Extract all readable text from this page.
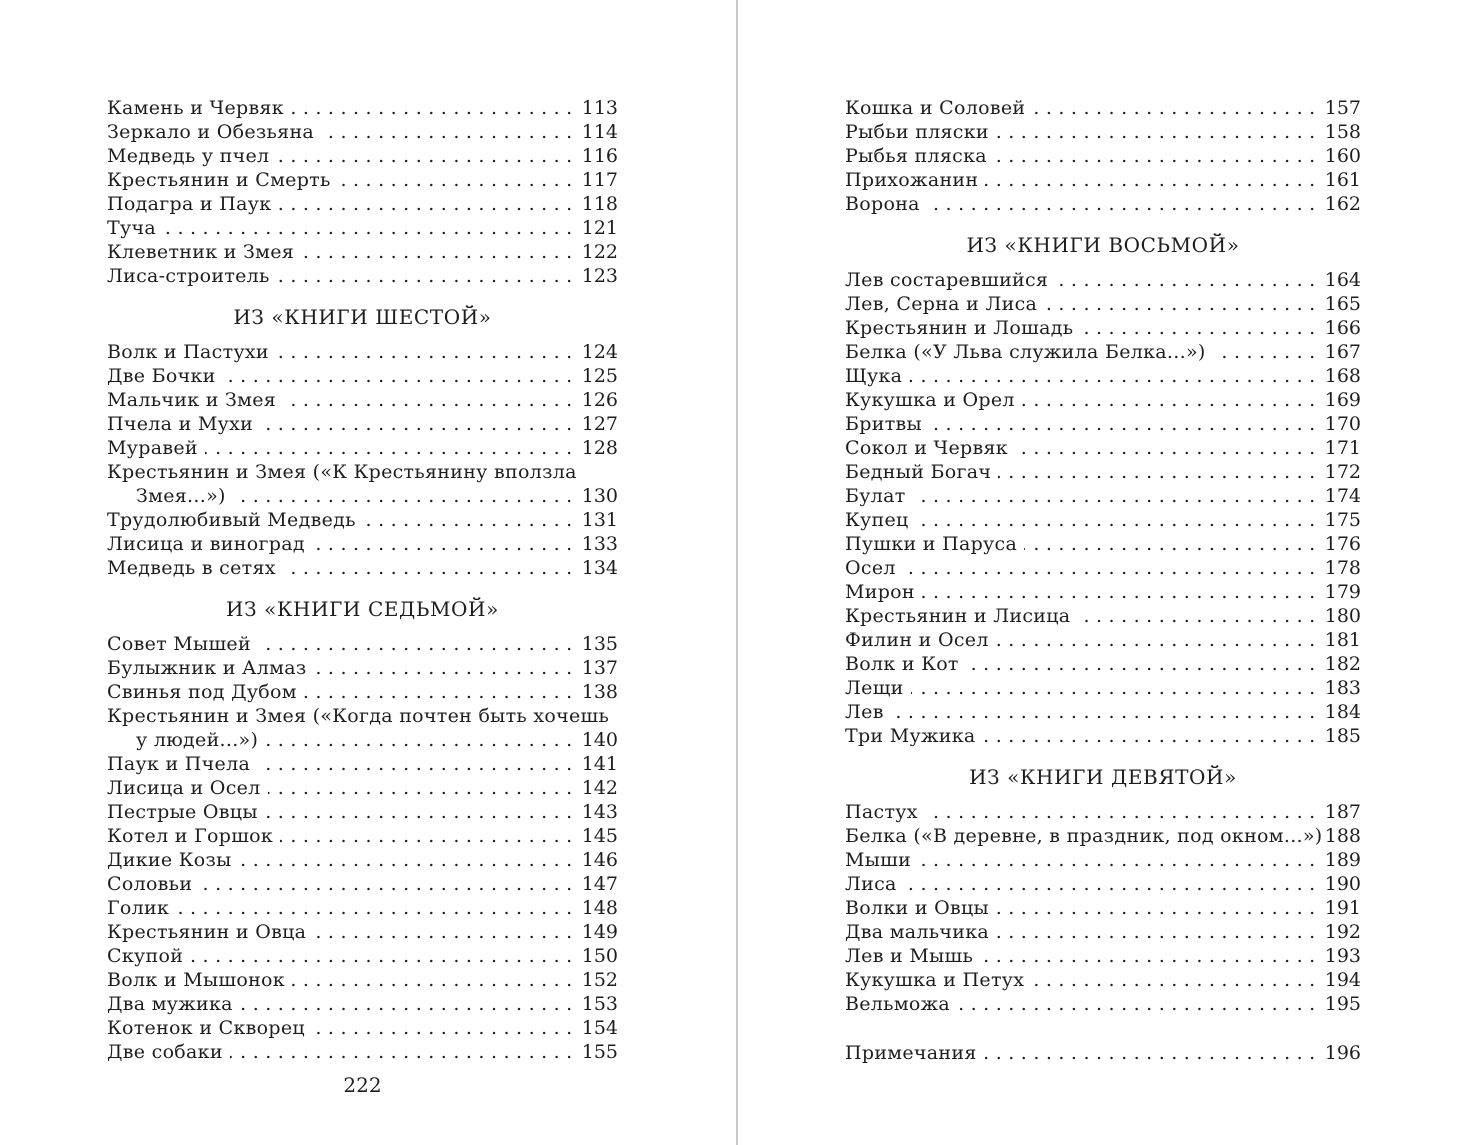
Камень и Червяк .....	113
Зеркало и Обезьяна .....	114
Медведь у пчел .....	116
Крестьянин и Смерть .....	117
Подагра и Паук .....	118
Туча .....	121
Клеветник и Змея .....	122
Лиса-строитель .....	123
ИЗ «КНИГИ ШЕСТОЙ»
Волк и Пастухи .....	124
Две Бочки .....	125
Мальчик и Змея .....	126
Пчела и Мухи .....	127
Муравей .....	128
Крестьянин и Змея («К Крестьянину вползла
Змея...») .....	130
Трудолюбивый Медведь .....	131
Лисица и виноград .....	133
Медведь в сетях .....	134
ИЗ «КНИГИ СЕДЬМОЙ»
Совет Мышей .....	135
Булыжник и Алмаз .....	137
Свинья под Дубом .....	138
Крестьянин и Змея («Когда почтен быть хочешь
у людей...») .....	140
Паук и Пчела .....	141
Лисица и Осел .....	142
Пестрые Овцы .....	143
Котел и Горшок .....	145
Дикие Козы .....	146
Соловьи .....	147
Голик .....	148
Крестьянин и Овца .....	149
Скупой .....	150
Волк и Мышонок .....	152
Два мужика .....	153
Котенок и Скворец .....	154
Две собаки .....	155
222
Кошка и Соловей .....	157
Рыбьи пляски .....	158
Рыбья пляска .....	160
Прихожанин .....	161
Ворона .....	162
ИЗ «КНИГИ ВОСЬМОЙ»
Лев состаревшийся .....	164
Лев, Серна и Лиса .....	165
Крестьянин и Лошадь .....	166
Белка («У Льва служила Белка...») .....	167
Щука .....	168
Кукушка и Орел .....	169
Бритвы .....	170
Сокол и Червяк .....	171
Бедный Богач .....	172
Булат .....	174
Купец .....	175
Пушки и Паруса .....	176
Осел .....	178
Мирон .....	179
Крестьянин и Лисица .....	180
Филин и Осел .....	181
Волк и Кот .....	182
Лещи .....	183
Лев .....	184
Три Мужика .....	185
ИЗ «КНИГИ ДЕВЯТОЙ»
Пастух .....	187
Белка («В деревне, в праздник, под окном...») 188
Мыши .....	189
Лиса .....	190
Волки и Овцы .....	191
Два мальчика .....	192
Лев и Мышь .....	193
Кукушка и Петух .....	194
Вельможа .....	195
Примечания .....	196
